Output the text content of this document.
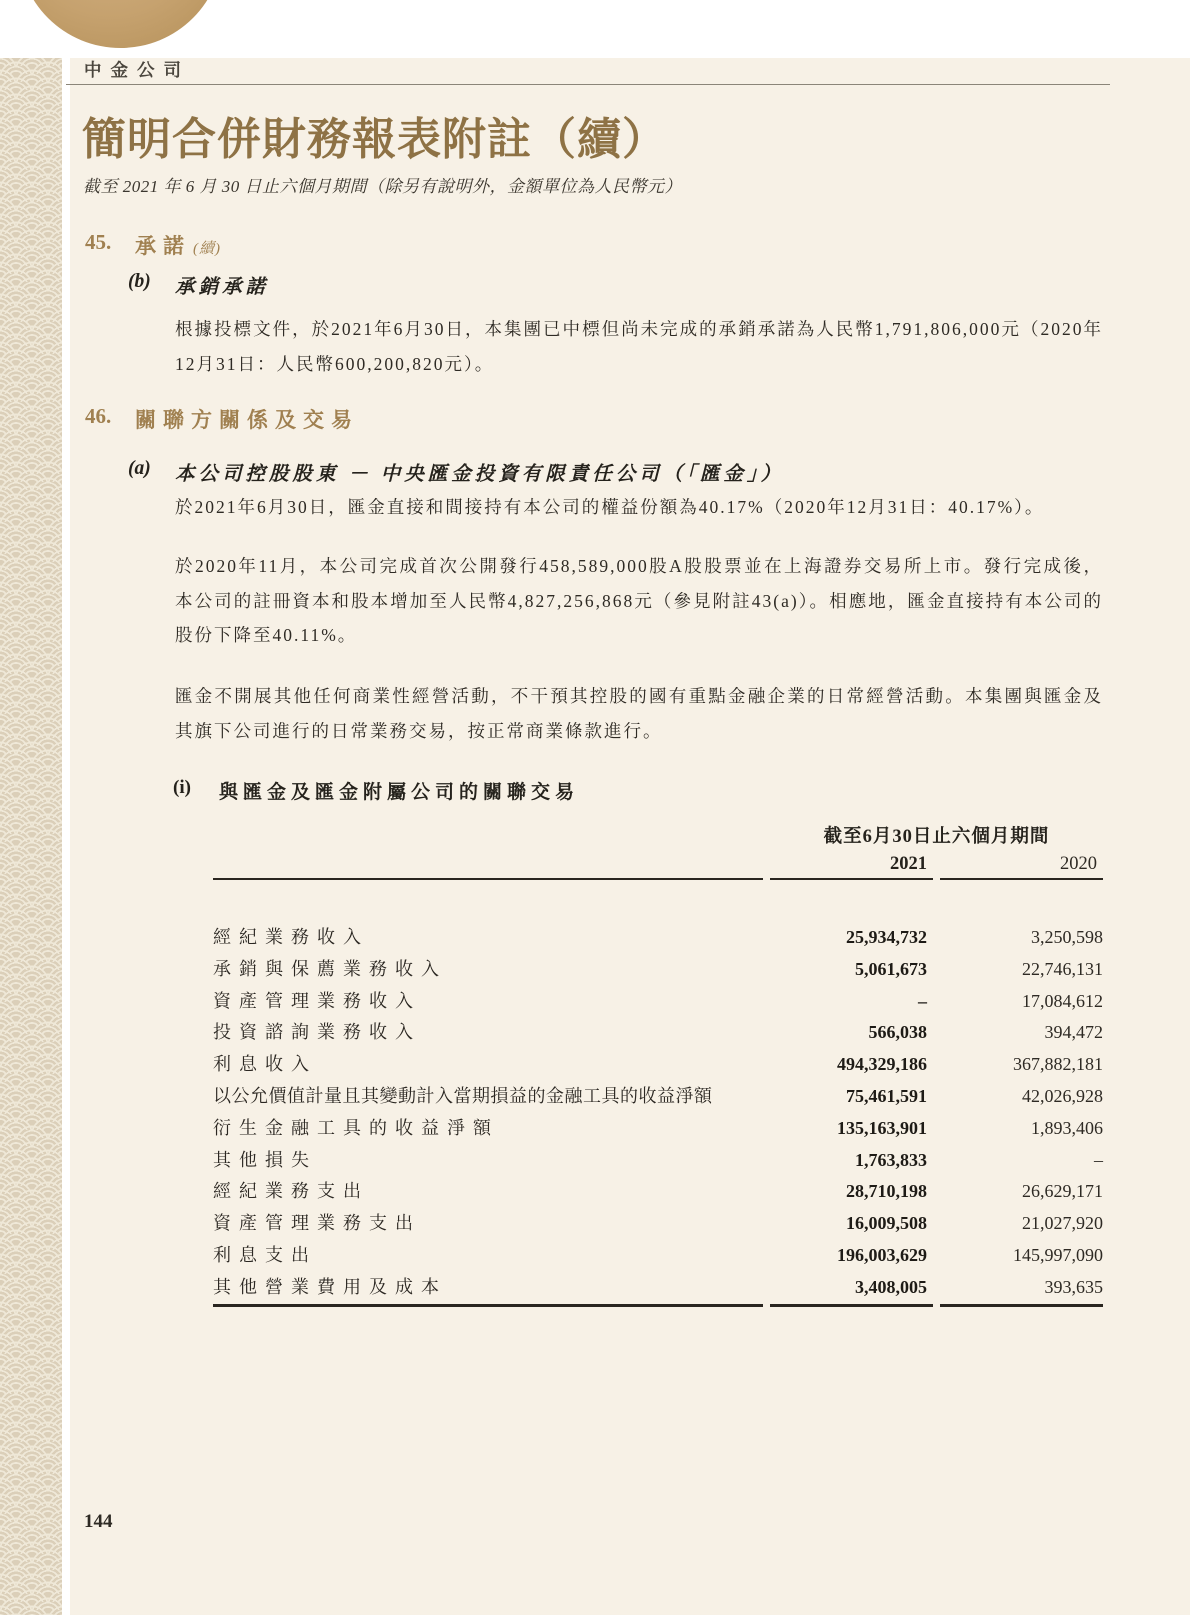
中金公司
簡明合併財務報表附註（續）
截至 2021 年 6 月 30 日止六個月期間（除另有說明外，金額單位為人民幣元）
45. 承諾 (續)
(b) 承銷承諾
根據投標文件，於2021年6月30日，本集團已中標但尚未完成的承銷承諾為人民幣1,791,806,000元（2020年12月31日：人民幣600,200,820元）。
46. 關聯方關係及交易
(a) 本公司控股股東 － 中央匯金投資有限責任公司（「匯金」）
於2021年6月30日，匯金直接和間接持有本公司的權益份額為40.17%（2020年12月31日：40.17%）。
於2020年11月，本公司完成首次公開發行458,589,000股A股股票並在上海證券交易所上市。發行完成後，本公司的註冊資本和股本增加至人民幣4,827,256,868元（參見附註43(a)）。相應地，匯金直接持有本公司的股份下降至40.11%。
匯金不開展其他任何商業性經營活動，不干預其控股的國有重點金融企業的日常經營活動。本集團與匯金及其旗下公司進行的日常業務交易，按正常商業條款進行。
(i) 與匯金及匯金附屬公司的關聯交易
截至6月30日止六個月期間
2021	2020
經紀業務收入	25,934,732	3,250,598
承銷與保薦業務收入	5,061,673	22,746,131
資產管理業務收入	–	17,084,612
投資諮詢業務收入	566,038	394,472
利息收入	494,329,186	367,882,181
以公允價值計量且其變動計入當期損益的金融工具的收益淨額	75,461,591	42,026,928
衍生金融工具的收益淨額	135,163,901	1,893,406
其他損失	1,763,833	–
經紀業務支出	28,710,198	26,629,171
資產管理業務支出	16,009,508	21,027,920
利息支出	196,003,629	145,997,090
其他營業費用及成本	3,408,005	393,635
144
